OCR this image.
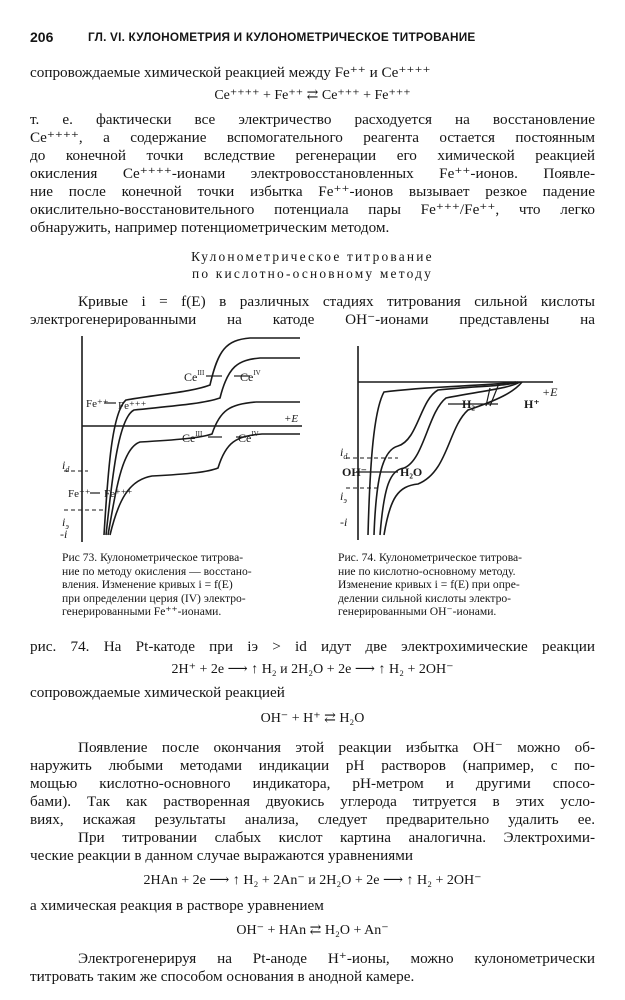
206	ГЛ. VI. КУЛОНОМЕТРИЯ И КУЛОНОМЕТРИЧЕСКОЕ ТИТРОВАНИЕ
сопровождаемые химической реакцией между Fe⁺⁺ и Ce⁺⁺⁺⁺
Ce⁺⁺⁺⁺ + Fe⁺⁺ ⇄ Ce⁺⁺⁺ + Fe⁺⁺⁺
т. е. фактически все электричество расходуется на восстановление
Ce⁺⁺⁺⁺, а содержание вспомогательного реагента остается постоянным
до конечной точки вследствие регенерации его химической реакцией
окисления Ce⁺⁺⁺⁺-ионами электровосстановленных Fe⁺⁺-ионов. Появле-
ние после конечной точки избытка Fe⁺⁺-ионов вызывает резкое падение
окислительно-восстановительного потенциала пары Fe⁺⁺⁺/Fe⁺⁺, что легко
обнаружить, например потенциометрическим методом.
Кулонометрическое титрование
по кислотно-основному методу
Кривые i = f(E) в различных стадиях титрования сильной кислоты
электрогенерированными на катоде OH⁻-ионами представлены на
$Ce^{III}$	$Ce^{IV}$
Fe⁺⁺ Fe⁺⁺⁺
+E
$Ce^{III}$	$Ce^{IV}$
$i_d$
Fe⁺⁺ Fe⁺⁺⁺
$i_э$
-i
H₂	H⁺
+E
$i_d$
OH⁻	H₂O
$i_э$
-i
Рис 73. Кулонометрическое титрова-
ние по методу окисления — восстано-
вления. Изменение кривых i = f(E)
при определении церия (IV) электро-
генерированными Fe⁺⁺-ионами.
Рис. 74. Кулонометрическое титрова-
ние по кислотно-основному методу.
Изменение кривых i = f(E) при опре-
делении сильной кислоты электро-
генерированными OH⁻-ионами.
рис. 74. На Pt-катоде при iэ > id идут две электрохимические реакции
2H⁺ + 2e ⟶ ↑ H₂ и 2H₂O + 2e ⟶ ↑ H₂ + 2OH⁻
сопровождаемые химической реакцией
OH⁻ + H⁺ ⇄ H₂O
Появление после окончания этой реакции избытка OH⁻ можно об-
наружить любыми методами индикации pH растворов (например, с по-
мощью кислотно-основного индикатора, pH-метром и другими спосо-
бами). Так как растворенная двуокись углерода титруется в этих усло-
виях, искажая результаты анализа, следует предварительно удалить ее.
При титровании слабых кислот картина аналогична. Электрохими-
ческие реакции в данном случае выражаются уравнениями
2HAn + 2e ⟶ ↑ H₂ + 2An⁻ и 2H₂O + 2e ⟶ ↑ H₂ + 2OH⁻
а химическая реакция в растворе уравнением
OH⁻ + HAn ⇄ H₂O + An⁻
Электрогенерируя на Pt-аноде H⁺-ионы, можно кулонометрически
титровать таким же способом основания в анодной камере.
